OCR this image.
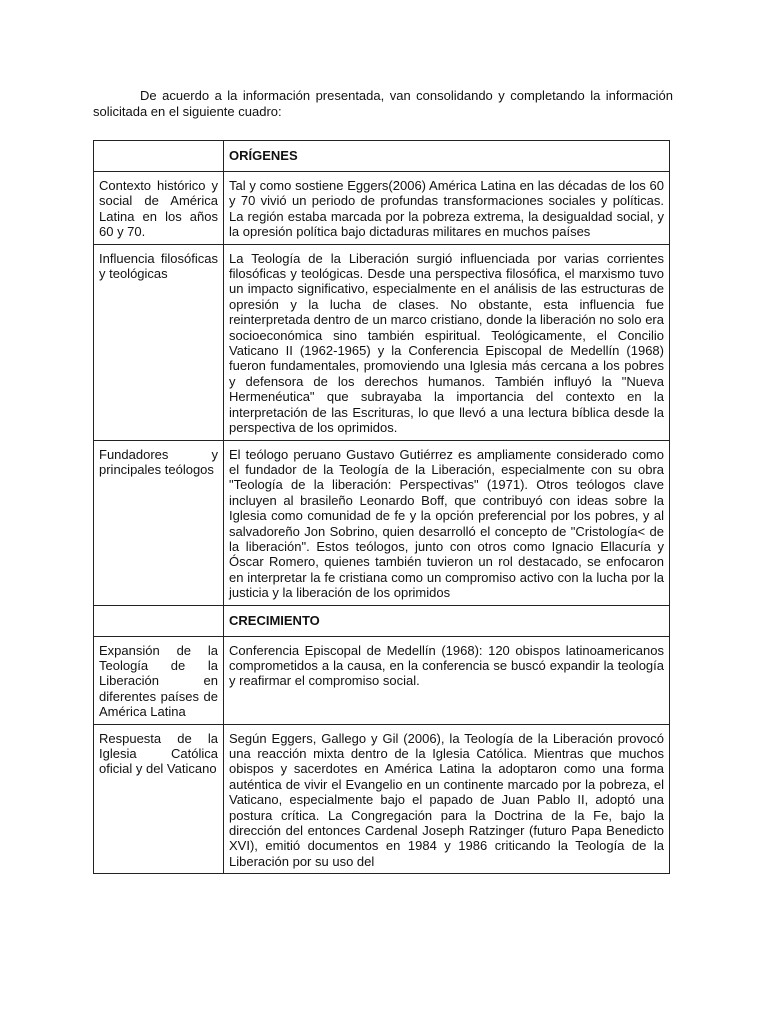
De acuerdo a la información presentada, van consolidando y completando la información solicitada en el siguiente cuadro:

	ORÍGENES
Contexto histórico y social de América Latina en los años 60 y 70.	Tal y como sostiene Eggers(2006) América Latina en las décadas de los 60 y 70 vivió un periodo de profundas transformaciones sociales y políticas. La región estaba marcada por la pobreza extrema, la desigualdad social, y la opresión política bajo dictaduras militares en muchos países
Influencia filosóficas y teológicas	La Teología de la Liberación surgió influenciada por varias corrientes filosóficas y teológicas. Desde una perspectiva filosófica, el marxismo tuvo un impacto significativo, especialmente en el análisis de las estructuras de opresión y la lucha de clases. No obstante, esta influencia fue reinterpretada dentro de un marco cristiano, donde la liberación no solo era socioeconómica sino también espiritual. Teológicamente, el Concilio Vaticano II (1962-1965) y la Conferencia Episcopal de Medellín (1968) fueron fundamentales, promoviendo una Iglesia más cercana a los pobres y defensora de los derechos humanos. También influyó la "Nueva Hermenéutica" que subrayaba la importancia del contexto en la interpretación de las Escrituras, lo que llevó a una lectura bíblica desde la perspectiva de los oprimidos.
Fundadores y principales teólogos	El teólogo peruano Gustavo Gutiérrez es ampliamente considerado como el fundador de la Teología de la Liberación, especialmente con su obra "Teología de la liberación: Perspectivas" (1971). Otros teólogos clave incluyen al brasileño Leonardo Boff, que contribuyó con ideas sobre la Iglesia como comunidad de fe y la opción preferencial por los pobres, y al salvadoreño Jon Sobrino, quien desarrolló el concepto de "Cristología< de la liberación". Estos teólogos, junto con otros como Ignacio Ellacuría y Óscar Romero, quienes también tuvieron un rol destacado, se enfocaron en interpretar la fe cristiana como un compromiso activo con la lucha por la justicia y la liberación de los oprimidos
	CRECIMIENTO
Expansión de la Teología de la Liberación en diferentes países de América Latina	Conferencia Episcopal de Medellín (1968): 120 obispos latinoamericanos comprometidos a la causa, en la conferencia se buscó expandir la teología y reafirmar el compromiso social.
Respuesta de la Iglesia Católica oficial y del Vaticano	Según Eggers, Gallego y Gil (2006), la Teología de la Liberación provocó una reacción mixta dentro de la Iglesia Católica. Mientras que muchos obispos y sacerdotes en América Latina la adoptaron como una forma auténtica de vivir el Evangelio en un continente marcado por la pobreza, el Vaticano, especialmente bajo el papado de Juan Pablo II, adoptó una postura crítica. La Congregación para la Doctrina de la Fe, bajo la dirección del entonces Cardenal Joseph Ratzinger (futuro Papa Benedicto XVI), emitió documentos en 1984 y 1986 criticando la Teología de la Liberación por su uso del
